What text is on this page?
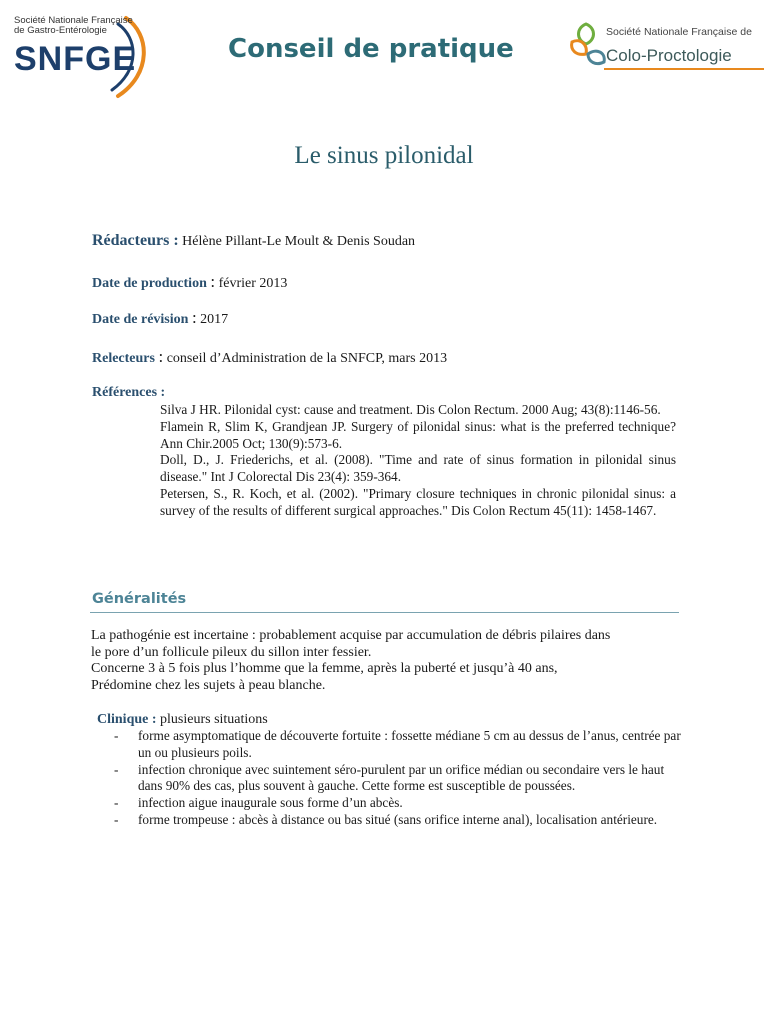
Société Nationale Française
de Gastro-Entérologie
SNFGE	Conseil de pratique
Société Nationale Française de
Colo-Proctologie
Le sinus pilonidal
Rédacteurs : Hélène Pillant-Le Moult & Denis Soudan
Date de production : février 2013
Date de révision : 2017
Relecteurs : conseil d’Administration de la SNFCP, mars 2013
Références :
Silva J HR. Pilonidal cyst: cause and treatment. Dis Colon Rectum. 2000 Aug; 43(8):1146-56.
Flamein R, Slim K, Grandjean JP. Surgery of pilonidal sinus: what is the preferred technique? Ann Chir.2005 Oct; 130(9):573-6.
Doll, D., J. Friederichs, et al. (2008). "Time and rate of sinus formation in pilonidal sinus disease." Int J Colorectal Dis 23(4): 359-364.
Petersen, S., R. Koch, et al. (2002). "Primary closure techniques in chronic pilonidal sinus: a survey of the results of different surgical approaches." Dis Colon Rectum 45(11): 1458-1467.
Généralités
La pathogénie est incertaine : probablement acquise par accumulation de débris pilaires dans
le pore d’un follicule pileux du sillon inter fessier.
Concerne 3 à 5 fois plus l’homme que la femme, après la puberté et jusqu’à 40 ans,
Prédomine chez les sujets à peau blanche.
Clinique : plusieurs situations
- forme asymptomatique de découverte fortuite : fossette médiane 5 cm au dessus de l’anus, centrée par un ou plusieurs poils.
- infection chronique avec suintement séro-purulent par un orifice médian ou secondaire vers le haut dans 90% des cas, plus souvent à gauche. Cette forme est susceptible de poussées.
- infection aigue inaugurale sous forme d’un abcès.
- forme trompeuse : abcès à distance ou bas situé (sans orifice interne anal), localisation antérieure.
